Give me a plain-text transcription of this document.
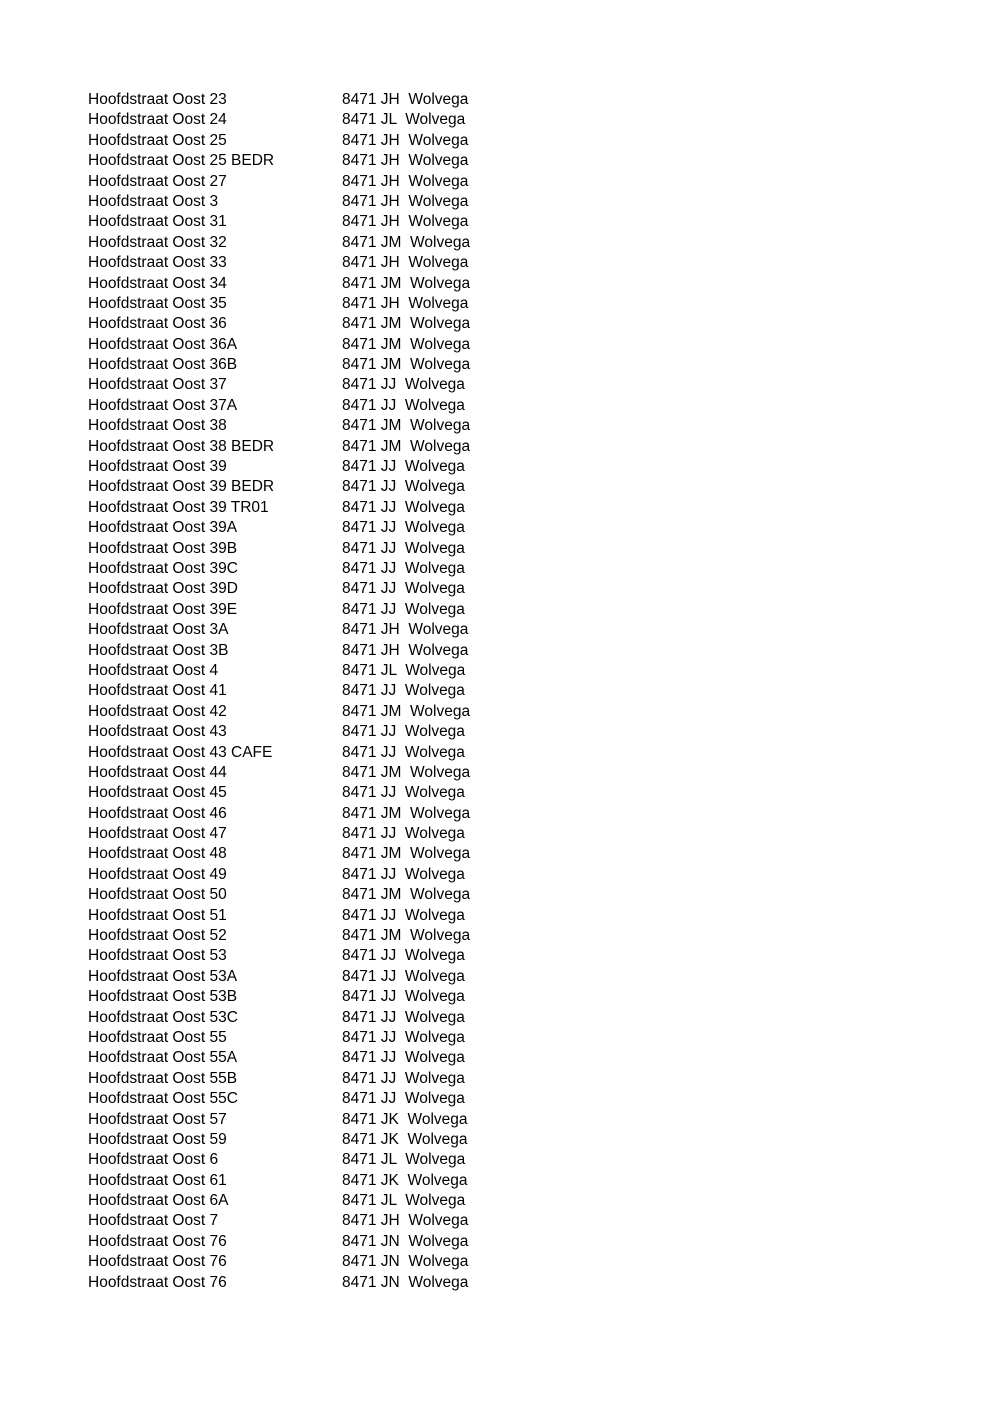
Hoofdstraat Oost 23	8471 JH  Wolvega
Hoofdstraat Oost 24	8471 JL  Wolvega
Hoofdstraat Oost 25	8471 JH  Wolvega
Hoofdstraat Oost 25 BEDR	8471 JH  Wolvega
Hoofdstraat Oost 27	8471 JH  Wolvega
Hoofdstraat Oost 3	8471 JH  Wolvega
Hoofdstraat Oost 31	8471 JH  Wolvega
Hoofdstraat Oost 32	8471 JM  Wolvega
Hoofdstraat Oost 33	8471 JH  Wolvega
Hoofdstraat Oost 34	8471 JM  Wolvega
Hoofdstraat Oost 35	8471 JH  Wolvega
Hoofdstraat Oost 36	8471 JM  Wolvega
Hoofdstraat Oost 36A	8471 JM  Wolvega
Hoofdstraat Oost 36B	8471 JM  Wolvega
Hoofdstraat Oost 37	8471 JJ  Wolvega
Hoofdstraat Oost 37A	8471 JJ  Wolvega
Hoofdstraat Oost 38	8471 JM  Wolvega
Hoofdstraat Oost 38 BEDR	8471 JM  Wolvega
Hoofdstraat Oost 39	8471 JJ  Wolvega
Hoofdstraat Oost 39 BEDR	8471 JJ  Wolvega
Hoofdstraat Oost 39 TR01	8471 JJ  Wolvega
Hoofdstraat Oost 39A	8471 JJ  Wolvega
Hoofdstraat Oost 39B	8471 JJ  Wolvega
Hoofdstraat Oost 39C	8471 JJ  Wolvega
Hoofdstraat Oost 39D	8471 JJ  Wolvega
Hoofdstraat Oost 39E	8471 JJ  Wolvega
Hoofdstraat Oost 3A	8471 JH  Wolvega
Hoofdstraat Oost 3B	8471 JH  Wolvega
Hoofdstraat Oost 4	8471 JL  Wolvega
Hoofdstraat Oost 41	8471 JJ  Wolvega
Hoofdstraat Oost 42	8471 JM  Wolvega
Hoofdstraat Oost 43	8471 JJ  Wolvega
Hoofdstraat Oost 43 CAFE	8471 JJ  Wolvega
Hoofdstraat Oost 44	8471 JM  Wolvega
Hoofdstraat Oost 45	8471 JJ  Wolvega
Hoofdstraat Oost 46	8471 JM  Wolvega
Hoofdstraat Oost 47	8471 JJ  Wolvega
Hoofdstraat Oost 48	8471 JM  Wolvega
Hoofdstraat Oost 49	8471 JJ  Wolvega
Hoofdstraat Oost 50	8471 JM  Wolvega
Hoofdstraat Oost 51	8471 JJ  Wolvega
Hoofdstraat Oost 52	8471 JM  Wolvega
Hoofdstraat Oost 53	8471 JJ  Wolvega
Hoofdstraat Oost 53A	8471 JJ  Wolvega
Hoofdstraat Oost 53B	8471 JJ  Wolvega
Hoofdstraat Oost 53C	8471 JJ  Wolvega
Hoofdstraat Oost 55	8471 JJ  Wolvega
Hoofdstraat Oost 55A	8471 JJ  Wolvega
Hoofdstraat Oost 55B	8471 JJ  Wolvega
Hoofdstraat Oost 55C	8471 JJ  Wolvega
Hoofdstraat Oost 57	8471 JK  Wolvega
Hoofdstraat Oost 59	8471 JK  Wolvega
Hoofdstraat Oost 6	8471 JL  Wolvega
Hoofdstraat Oost 61	8471 JK  Wolvega
Hoofdstraat Oost 6A	8471 JL  Wolvega
Hoofdstraat Oost 7	8471 JH  Wolvega
Hoofdstraat Oost 76	8471 JN  Wolvega
Hoofdstraat Oost 76	8471 JN  Wolvega
Hoofdstraat Oost 76	8471 JN  Wolvega
